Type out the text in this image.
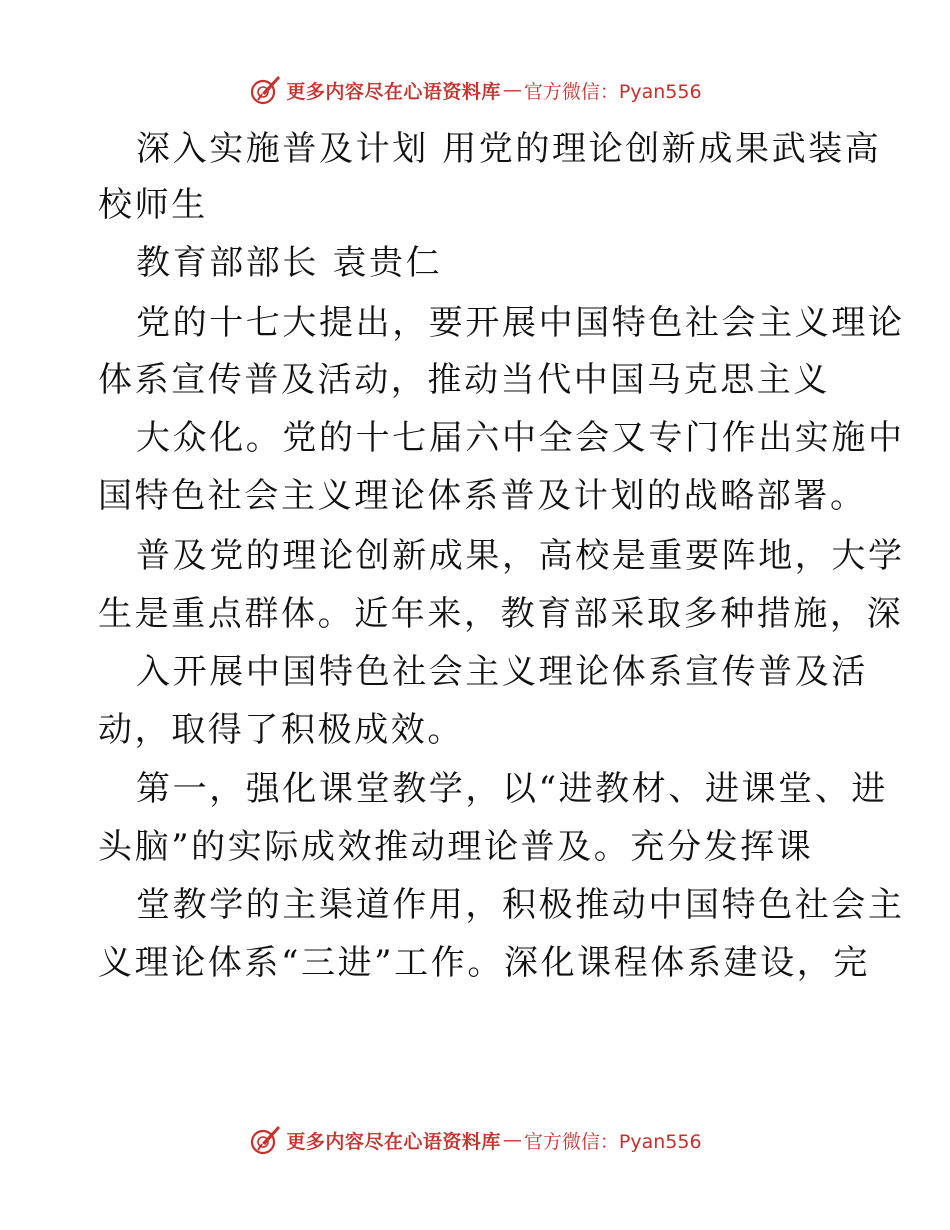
更多内容尽在心语资料库 — 官方微信：Pyan556
深入实施普及计划 用党的理论创新成果武装高
校师生
教育部部长 袁贵仁
党的十七大提出，要开展中国特色社会主义理论
体系宣传普及活动，推动当代中国马克思主义
大众化。党的十七届六中全会又专门作出实施中
国特色社会主义理论体系普及计划的战略部署。
普及党的理论创新成果，高校是重要阵地，大学
生是重点群体。近年来，教育部采取多种措施，深
入开展中国特色社会主义理论体系宣传普及活
动，取得了积极成效。
第一，强化课堂教学，以“进教材、进课堂、进
头脑”的实际成效推动理论普及。充分发挥课
堂教学的主渠道作用，积极推动中国特色社会主
义理论体系“三进”工作。深化课程体系建设，完
更多内容尽在心语资料库 — 官方微信：Pyan556
